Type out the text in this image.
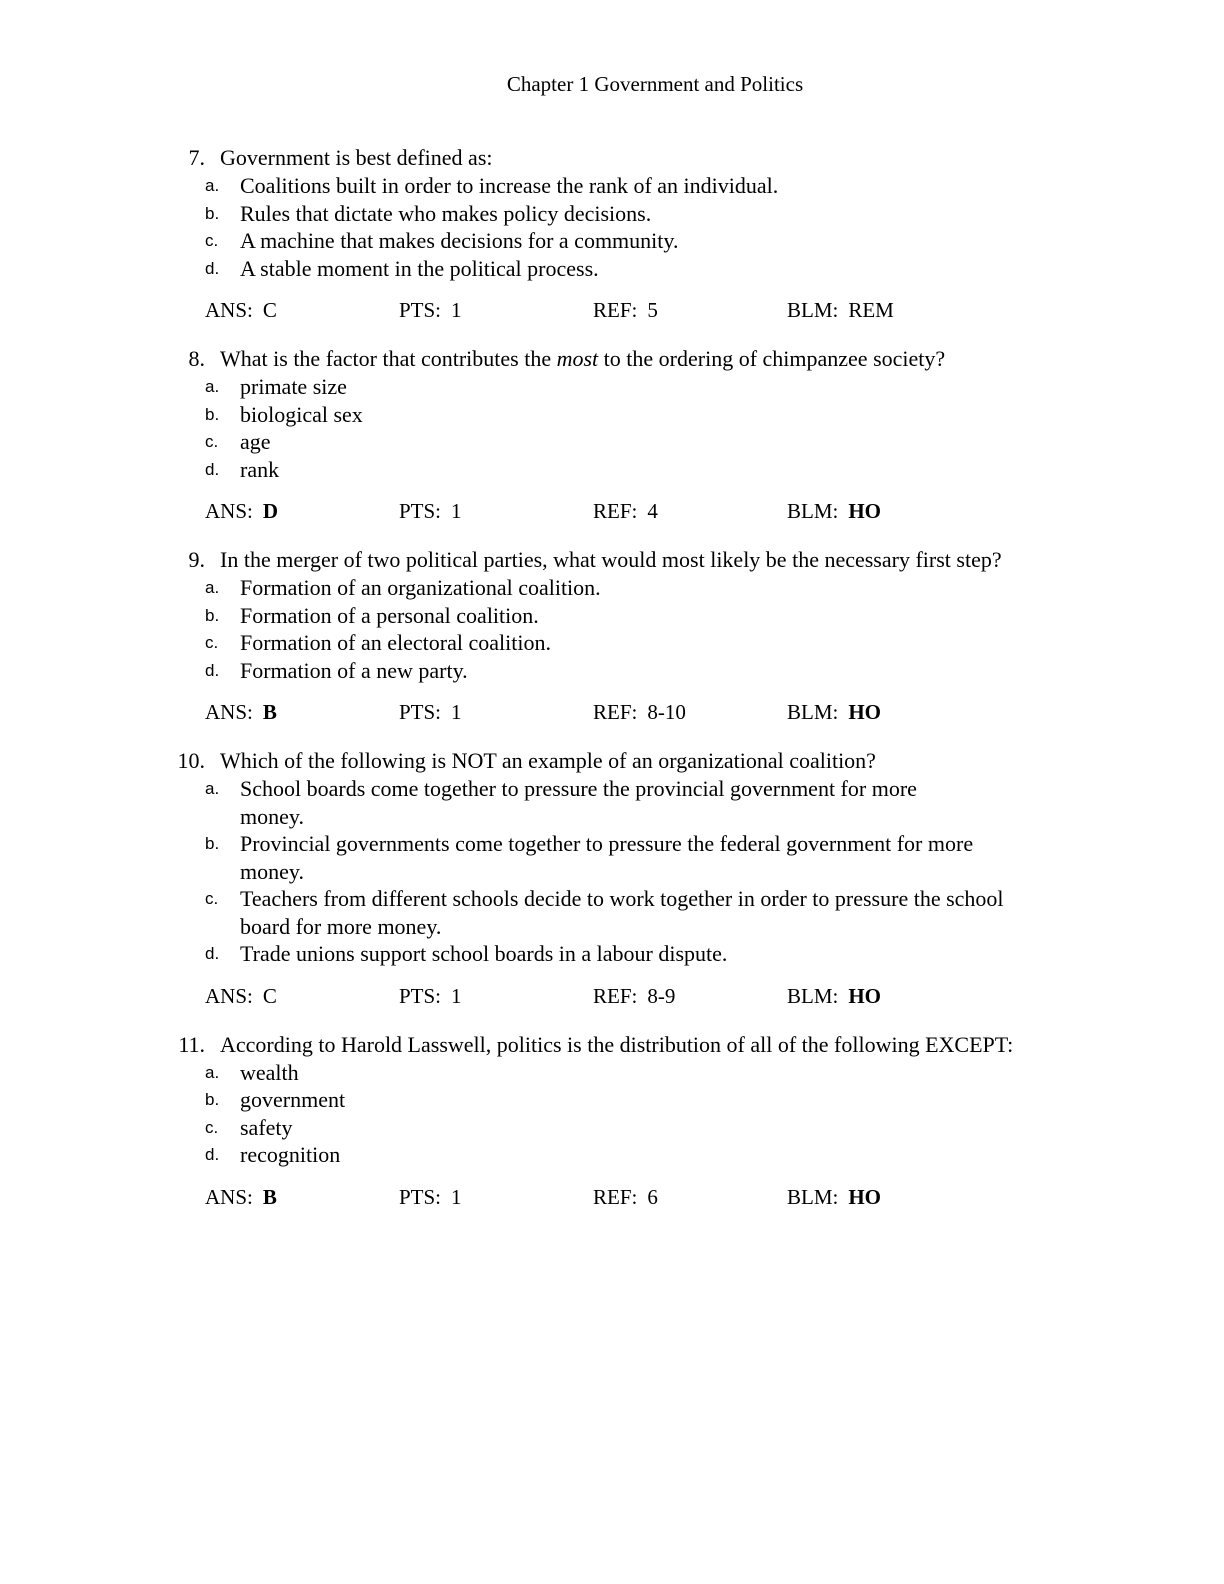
Chapter 1 Government and Politics
7. Government is best defined as:
a. Coalitions built in order to increase the rank of an individual.
b. Rules that dictate who makes policy decisions.
c. A machine that makes decisions for a community.
d. A stable moment in the political process.
ANS: C	PTS: 1	REF: 5	BLM: REM
8. What is the factor that contributes the most to the ordering of chimpanzee society?
a. primate size
b. biological sex
c. age
d. rank
ANS: D	PTS: 1	REF: 4	BLM: HO
9. In the merger of two political parties, what would most likely be the necessary first step?
a. Formation of an organizational coalition.
b. Formation of a personal coalition.
c. Formation of an electoral coalition.
d. Formation of a new party.
ANS: B	PTS: 1	REF: 8-10	BLM: HO
10. Which of the following is NOT an example of an organizational coalition?
a. School boards come together to pressure the provincial government for more money.
b. Provincial governments come together to pressure the federal government for more money.
c. Teachers from different schools decide to work together in order to pressure the school board for more money.
d. Trade unions support school boards in a labour dispute.
ANS: C	PTS: 1	REF: 8-9	BLM: HO
11. According to Harold Lasswell, politics is the distribution of all of the following EXCEPT:
a. wealth
b. government
c. safety
d. recognition
ANS: B	PTS: 1	REF: 6	BLM: HO
